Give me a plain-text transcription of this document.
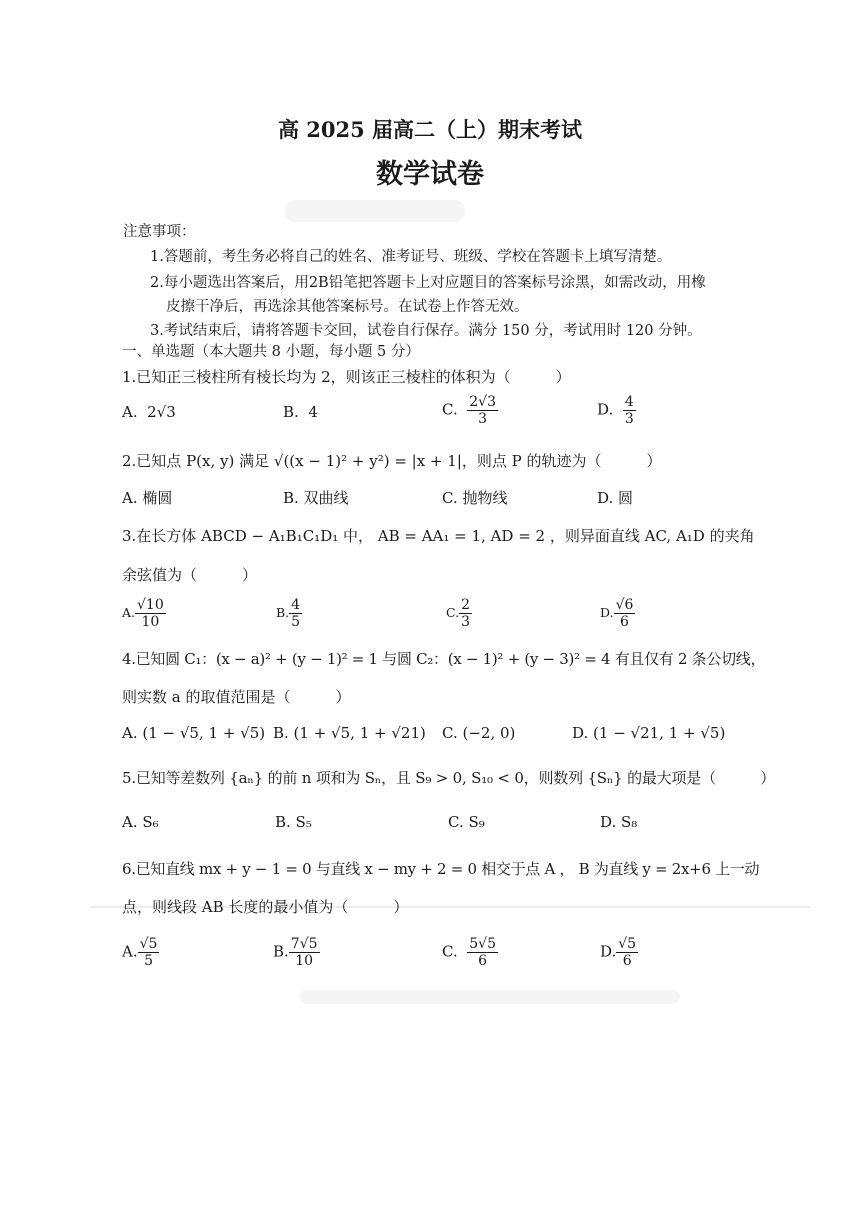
高 2025 届高二（上）期末考试
数学试卷
注意事项：
1.答题前，考生务必将自己的姓名、准考证号、班级、学校在答题卡上填写清楚。
2.每小题选出答案后，用2B铅笔把答题卡上对应题目的答案标号涂黑，如需改动，用橡
皮擦干净后，再选涂其他答案标号。在试卷上作答无效。
3.考试结束后，请将答题卡交回，试卷自行保存。满分 150 分，考试用时 120 分钟。
一、单选题（本大题共 8 小题，每小题 5 分）
1.已知正三棱柱所有棱长均为 2，则该正三棱柱的体积为（　　　）
A. 2√3	B. 4	C. $\frac{2√3}{3}$	D. $\frac{4}{3}$
2.已知点 P(x, y) 满足 √((x − 1)² + y²) = |x + 1|，则点 P 的轨迹为（　　　）
A. 椭圆	B. 双曲线	C. 抛物线	D. 圆
3.在长方体 ABCD − A₁B₁C₁D₁ 中， AB = AA₁ = 1, AD = 2 ，则异面直线 AC, A₁D 的夹角
余弦值为（　　　）
A. $\frac{√10}{10}$	B. $\frac{4}{5}$	C. $\frac{2}{3}$	D. $\frac{√6}{6}$
4.已知圆 C₁：(x − a)² + (y − 1)² = 1 与圆 C₂：(x − 1)² + (y − 3)² = 4 有且仅有 2 条公切线，
则实数 a 的取值范围是（　　　）
A. (1 − √5, 1 + √5) B. (1 + √5, 1 + √21) C. (−2, 0)	D. (1 − √21, 1 + √5)
5.已知等差数列 {aₙ} 的前 n 项和为 Sₙ，且 S₉ > 0, S₁₀ < 0，则数列 {Sₙ} 的最大项是（　　　）
A. S₆	B. S₅	C. S₉	D. S₈
6.已知直线 mx + y − 1 = 0 与直线 x − my + 2 = 0 相交于点 A ， B 为直线 y = 2x+6 上一动
点，则线段 AB 长度的最小值为（　　　）
A. $\frac{√5}{5}$	B. $\frac{7√5}{10}$	C. $\frac{5√5}{6}$	D. $\frac{√5}{6}$
